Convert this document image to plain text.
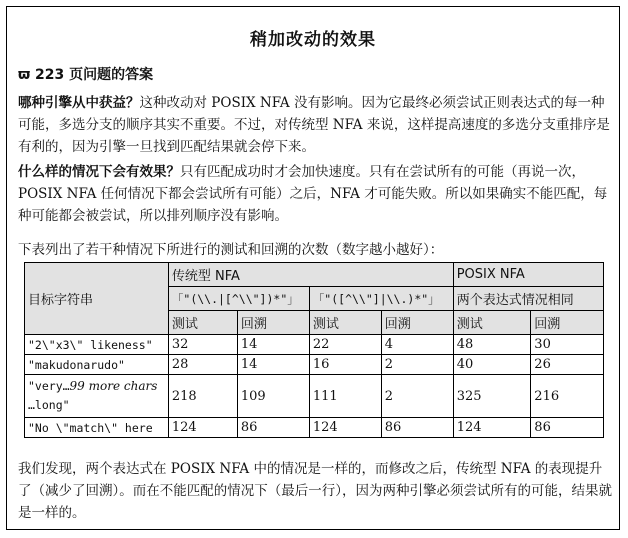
稍加改动的效果
ϖ 223 页问题的答案
哪种引擎从中获益？这种改动对 POSIX NFA 没有影响。因为它最终必须尝试正则表达式的每一种可能，多选分支的顺序其实不重要。不过，对传统型 NFA 来说，这样提高速度的多选分支重排序是有利的，因为引擎一旦找到匹配结果就会停下来。
什么样的情况下会有效果？只有匹配成功时才会加快速度。只有在尝试所有的可能（再说一次，POSIX NFA 任何情况下都会尝试所有可能）之后，NFA 才可能失败。所以如果确实不能匹配，每种可能都会被尝试，所以排列顺序没有影响。
下表列出了若干种情况下所进行的测试和回溯的次数（数字越小越好）：
目标字符串	传统型 NFA				POSIX NFA	
	「"(\\.|[^\\"])*"」		「"([^\\"]|\\.)*"」		两个表达式情况相同	
	测试	回溯	测试	回溯	测试	回溯
"2\"x3\" likeness"	32	14	22	4	48	30
"makudonarudo"	28	14	16	2	40	26
"very…99 more chars
…long"	218	109	111	2	325	216
"No \"match\" here	124	86	124	86	124	86
我们发现，两个表达式在 POSIX NFA 中的情况是一样的，而修改之后，传统型 NFA 的表现提升了（减少了回溯）。而在不能匹配的情况下（最后一行），因为两种引擎必须尝试所有的可能，结果就是一样的。
